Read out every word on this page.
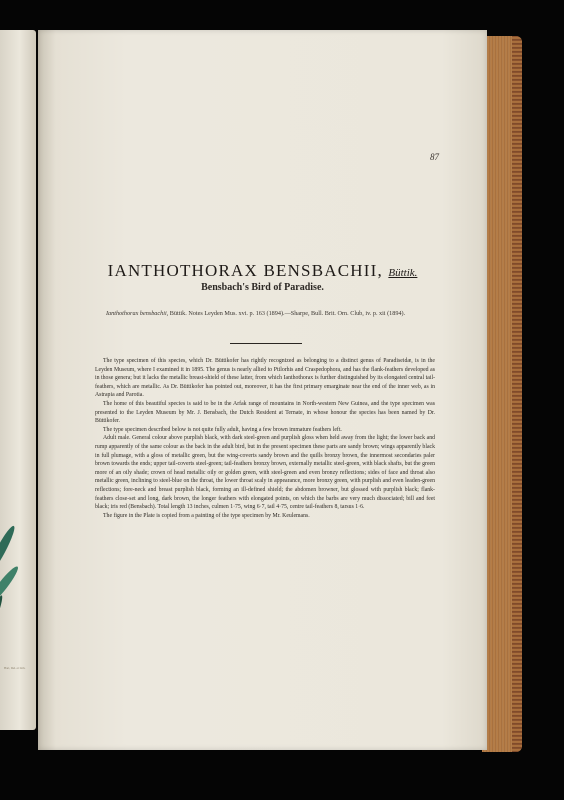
Hart, Del. et Lith.
87
IANTHOTHORAX BENSBACHII, Büttik.
Bensbach's Bird of Paradise.

Ianthothorax bensbachii, Büttik. Notes Leyden Mus. xvi. p. 163 (1894).—Sharpe, Bull. Brit. Orn. Club, iv. p. xii (1894).

The type specimen of this species, which Dr. Büttikofer has rightly recognized as belonging to a distinct genus of Paradiseidæ, is in the Leyden Museum, where I examined it in 1895. The genus is nearly allied to Ptilorhis and Craspedophora, and has the flank-feathers developed as in those genera; but it lacks the metallic breast-shield of these latter, from which Ianthothorax is further distinguished by its elongated central tail-feathers, which are metallic. As Dr. Büttikofer has pointed out, moreover, it has the first primary emarginate near the end of the inner web, as in Astrapia and Parotia.

The home of this beautiful species is said to be in the Arfak range of mountains in North-western New Guinea, and the type specimen was presented to the Leyden Museum by Mr. J. Bensbach, the Dutch Resident at Ternate, in whose honour the species has been named by Dr. Büttikofer.

The type specimen described below is not quite fully adult, having a few brown immature feathers left.

Adult male. General colour above purplish black, with dark steel-green and purplish gloss when held away from the light; the lower back and rump apparently of the same colour as the back in the adult bird, but in the present specimen these parts are sandy brown; wings apparently black in full plumage, with a gloss of metallic green, but the wing-coverts sandy brown and the quills bronzy brown, the innermost secondaries paler brown towards the ends; upper tail-coverts steel-green; tail-feathers bronzy brown, externally metallic steel-green, with black shafts, but the green more of an oily shade; crown of head metallic oily or golden green, with steel-green and even bronzy reflections; sides of face and throat also metallic green, inclining to steel-blue on the throat, the lower throat scaly in appearance, more bronzy green, with purplish and even leaden-green reflections; fore-neck and breast purplish black, forming an ill-defined shield; the abdomen browner, but glossed with purplish black; flank-feathers close-set and long, dark brown, the longer feathers with elongated points, on which the barbs are very much dissociated; bill and feet black; iris red (Bensbach). Total length 13 inches, culmen 1·75, wing 6·7, tail 4·75, centre tail-feathers 8, tarsus 1·6.

The figure in the Plate is copied from a painting of the type specimen by Mr. Keulemans.
